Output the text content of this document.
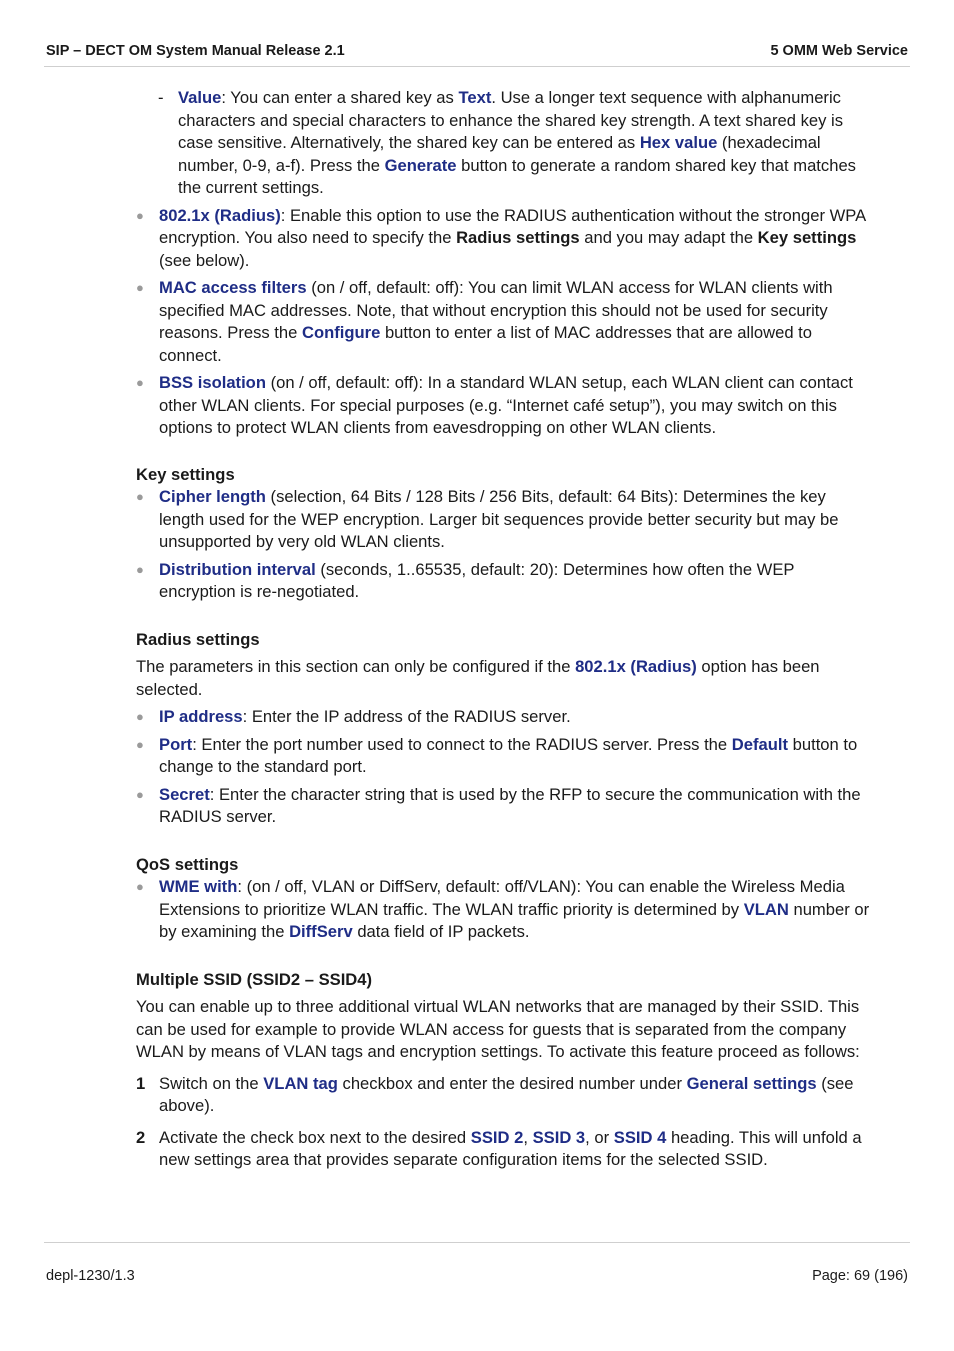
SIP – DECT OM System Manual Release 2.1	5 OMM Web Service
- Value: You can enter a shared key as Text. Use a longer text sequence with alphanumeric characters and special characters to enhance the shared key strength. A text shared key is case sensitive. Alternatively, the shared key can be entered as Hex value (hexadecimal number, 0-9, a-f). Press the Generate button to generate a random shared key that matches the current settings.
● 802.1x (Radius): Enable this option to use the RADIUS authentication without the stronger WPA encryption. You also need to specify the Radius settings and you may adapt the Key settings (see below).
● MAC access filters (on / off, default: off): You can limit WLAN access for WLAN clients with specified MAC addresses. Note, that without encryption this should not be used for security reasons. Press the Configure button to enter a list of MAC addresses that are allowed to connect.
● BSS isolation (on / off, default: off): In a standard WLAN setup, each WLAN client can contact other WLAN clients. For special purposes (e.g. “Internet café setup”), you may switch on this options to protect WLAN clients from eavesdropping on other WLAN clients.
Key settings
● Cipher length (selection, 64 Bits / 128 Bits / 256 Bits, default: 64 Bits): Determines the key length used for the WEP encryption. Larger bit sequences provide better security but may be unsupported by very old WLAN clients.
● Distribution interval (seconds, 1..65535, default: 20): Determines how often the WEP encryption is re-negotiated.
Radius settings
The parameters in this section can only be configured if the 802.1x (Radius) option has been selected.
● IP address: Enter the IP address of the RADIUS server.
● Port: Enter the port number used to connect to the RADIUS server. Press the Default button to change to the standard port.
● Secret: Enter the character string that is used by the RFP to secure the communication with the RADIUS server.
QoS settings
● WME with: (on / off, VLAN or DiffServ, default: off/VLAN): You can enable the Wireless Media Extensions to prioritize WLAN traffic. The WLAN traffic priority is determined by VLAN number or by examining the DiffServ data field of IP packets.
Multiple SSID (SSID2 – SSID4)
You can enable up to three additional virtual WLAN networks that are managed by their SSID. This can be used for example to provide WLAN access for guests that is separated from the company WLAN by means of VLAN tags and encryption settings. To activate this feature proceed as follows:
1 Switch on the VLAN tag checkbox and enter the desired number under General settings (see above).
2 Activate the check box next to the desired SSID 2, SSID 3, or SSID 4 heading. This will unfold a new settings area that provides separate configuration items for the selected SSID.
depl-1230/1.3	Page: 69 (196)
